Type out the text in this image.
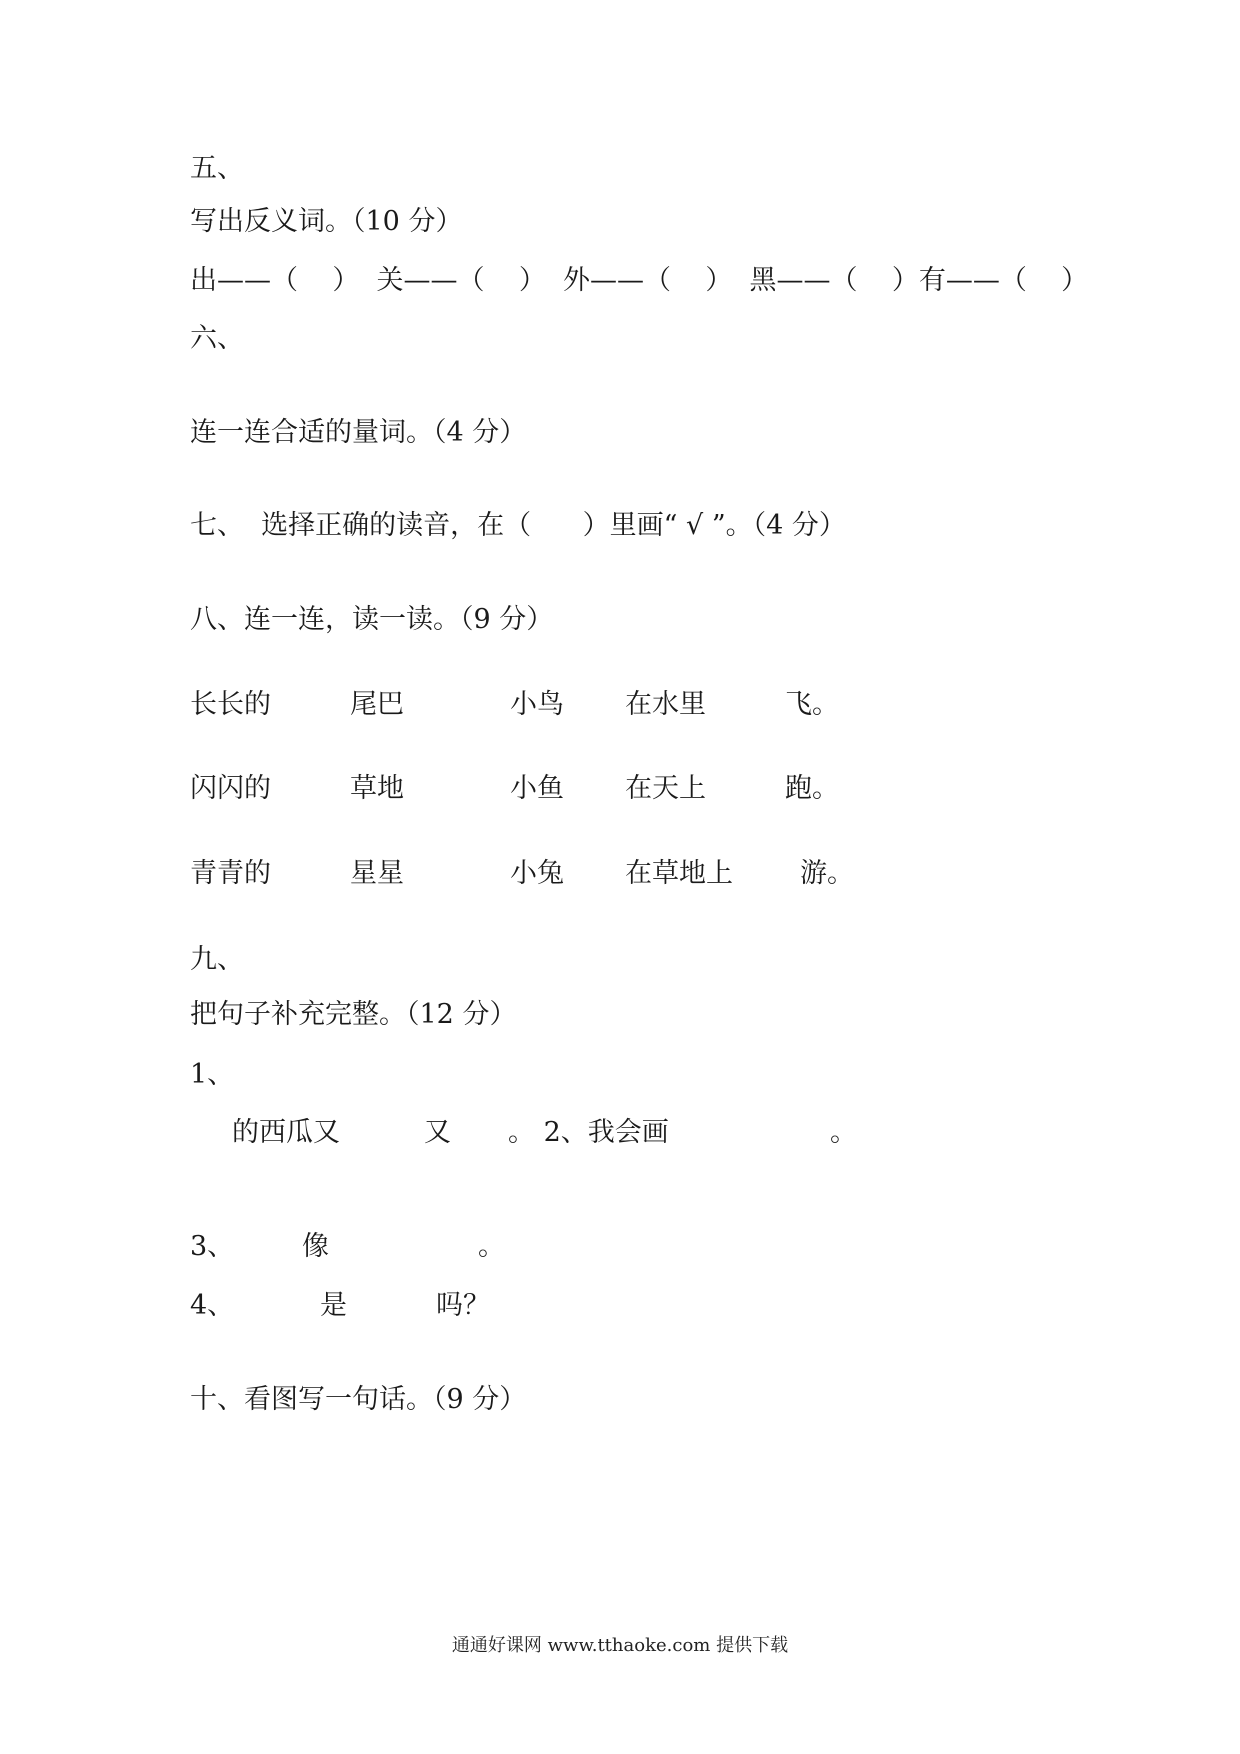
五、
写出反义词。（10 分）
出——（    ）  关——（    ）  外——（    ）  黑——（    ）有——（    ）
六、
连一连合适的量词。（4 分）
七、  选择正确的读音，在（      ）里画“ √ ”。（4 分）
八、连一连，读一读。（9 分）
长长的	尾巴	小鸟 在水里	飞。
闪闪的	草地	小鱼 在天上	跑。
青青的	星星	小兔 在草地上 游。
九、
把句子补充完整。（12 分）
1、
的西瓜又	又 。 2、我会画	。
3、	像	。
4、	是	吗？
十、看图写一句话。（9 分）
通通好课网 www.tthaoke.com 提供下载
